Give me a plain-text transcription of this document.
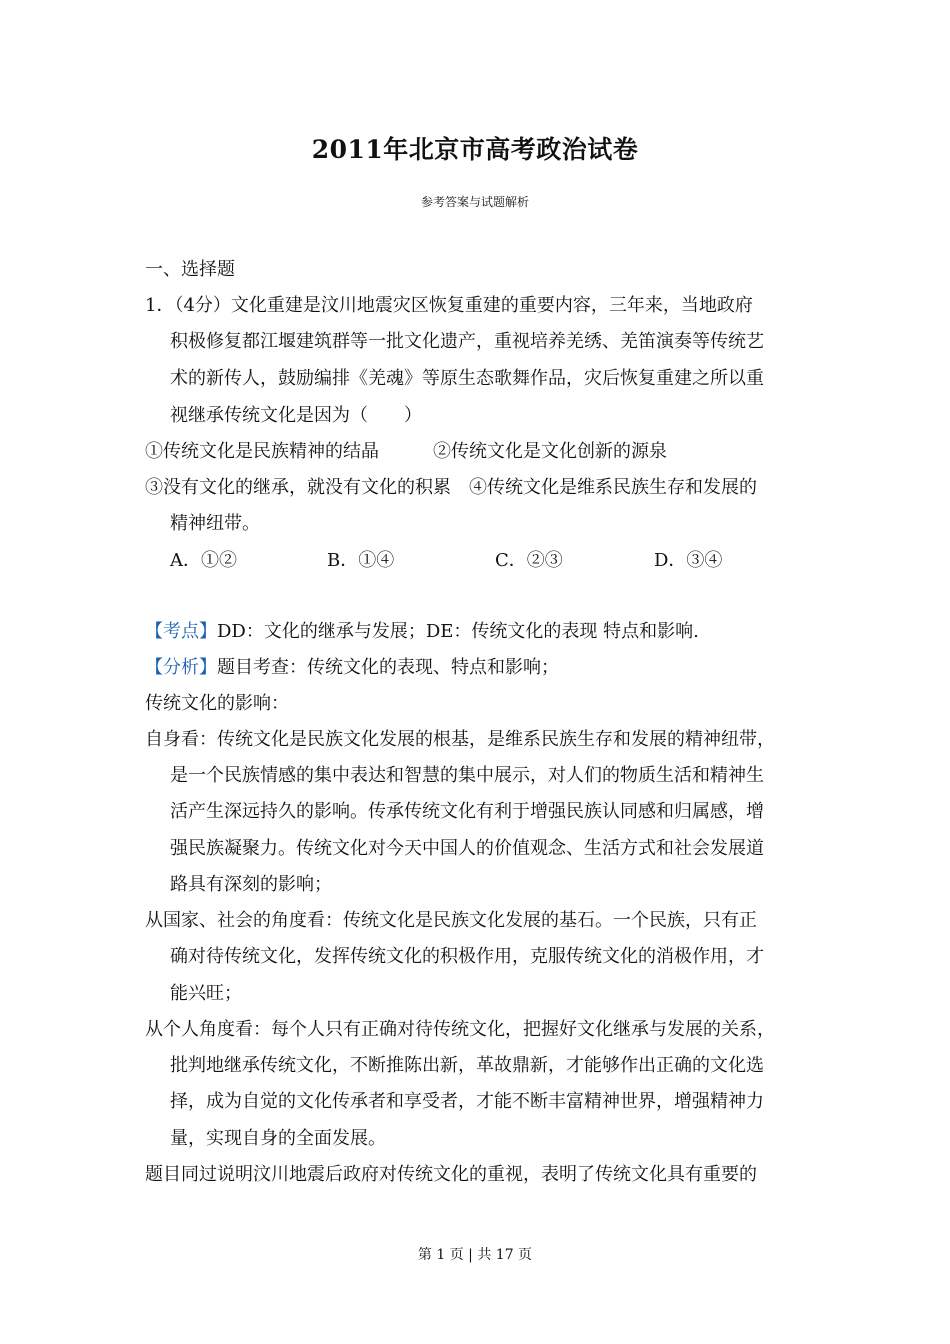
2011年北京市高考政治试卷
参考答案与试题解析
一、选择题
1．（4分）文化重建是汶川地震灾区恢复重建的重要内容，三年来，当地政府
积极修复都江堰建筑群等一批文化遗产，重视培养羌绣、羌笛演奏等传统艺
术的新传人，鼓励编排《羌魂》等原生态歌舞作品，灾后恢复重建之所以重
视继承传统文化是因为（　　）
①传统文化是民族精神的结晶　　　②传统文化是文化创新的源泉
③没有文化的继承，就没有文化的积累　④传统文化是维系民族生存和发展的
精神纽带。
A．①②	B．①④	C．②③	D．③④
【考点】DD：文化的继承与发展；DE：传统文化的表现 特点和影响.
【分析】题目考查：传统文化的表现、特点和影响；
传统文化的影响：
自身看：传统文化是民族文化发展的根基，是维系民族生存和发展的精神纽带，
是一个民族情感的集中表达和智慧的集中展示，对人们的物质生活和精神生
活产生深远持久的影响。传承传统文化有利于增强民族认同感和归属感，增
强民族凝聚力。传统文化对今天中国人的价值观念、生活方式和社会发展道
路具有深刻的影响；
从国家、社会的角度看：传统文化是民族文化发展的基石。一个民族，只有正
确对待传统文化，发挥传统文化的积极作用，克服传统文化的消极作用，才
能兴旺；
从个人角度看：每个人只有正确对待传统文化，把握好文化继承与发展的关系，
批判地继承传统文化，不断推陈出新，革故鼎新，才能够作出正确的文化选
择，成为自觉的文化传承者和享受者，才能不断丰富精神世界，增强精神力
量，实现自身的全面发展。
题目同过说明汶川地震后政府对传统文化的重视，表明了传统文化具有重要的
第 1 页 | 共 17 页
